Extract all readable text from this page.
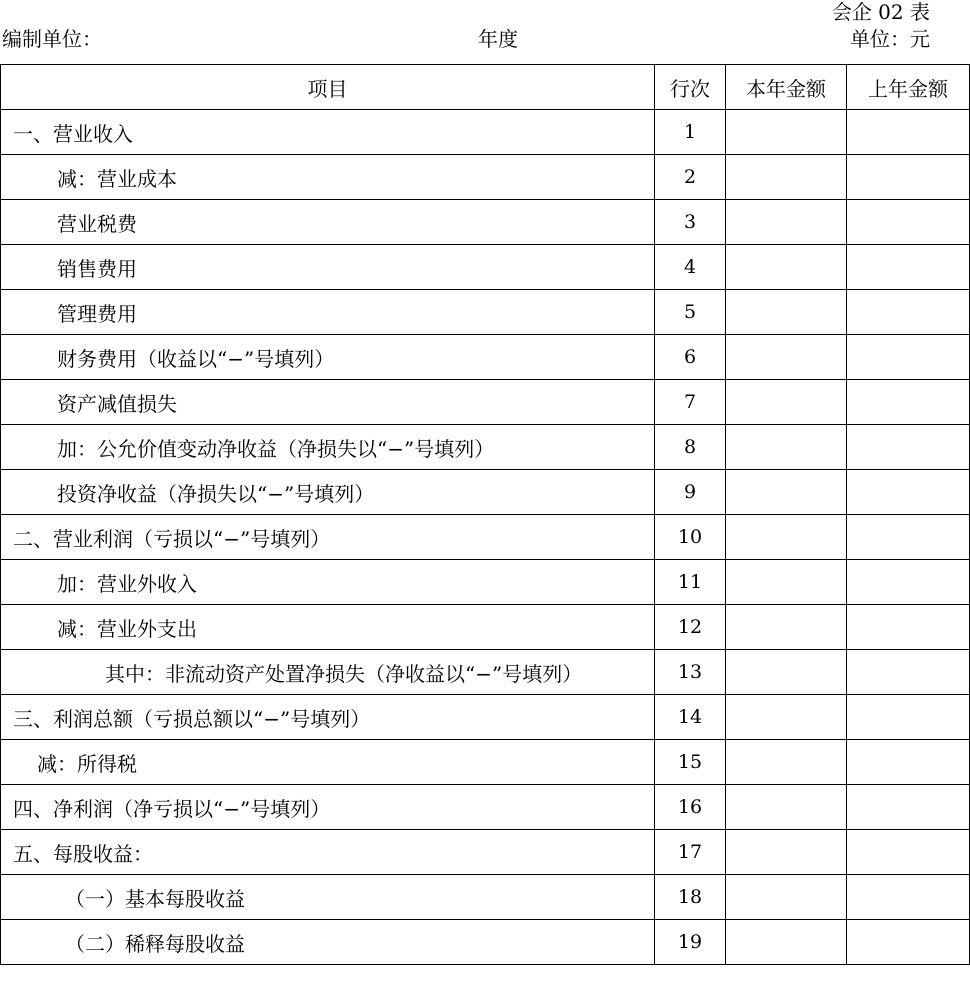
会企 02 表
编制单位：	年度	单位：元
项目	行次	本年金额	上年金额
一、营业收入	1		
减：营业成本	2		
营业税费	3		
销售费用	4		
管理费用	5		
财务费用（收益以“−”号填列）	6		
资产减值损失	7		
加：公允价值变动净收益（净损失以“−”号填列）	8		
投资净收益（净损失以“−”号填列）	9		
二、营业利润（亏损以“−”号填列）	10		
加：营业外收入	11		
减：营业外支出	12		
其中：非流动资产处置净损失（净收益以“−”号填列）	13		
三、利润总额（亏损总额以“−”号填列）	14		
减：所得税	15		
四、净利润（净亏损以“−”号填列）	16		
五、每股收益：	17		
（一）基本每股收益	18		
（二）稀释每股收益	19		
